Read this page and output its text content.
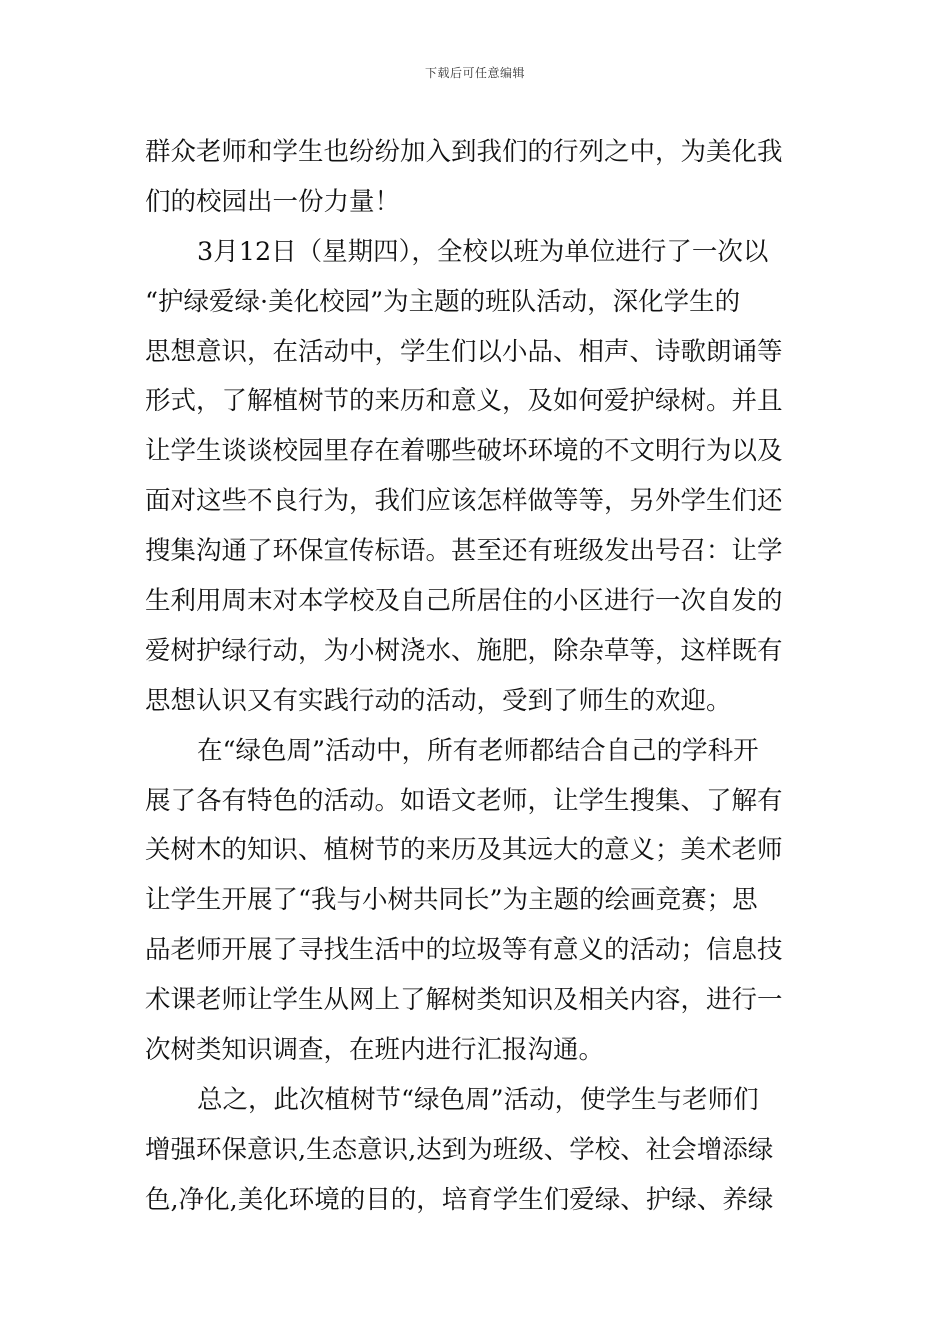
下载后可任意编辑
群众老师和学生也纷纷加入到我们的行列之中，为美化我
们的校园出一份力量！
3月12日（星期四），全校以班为单位进行了一次以
“护绿爱绿·美化校园”为主题的班队活动，深化学生的
思想意识，在活动中，学生们以小品、相声、诗歌朗诵等
形式，了解植树节的来历和意义，及如何爱护绿树。并且
让学生谈谈校园里存在着哪些破坏环境的不文明行为以及
面对这些不良行为，我们应该怎样做等等，另外学生们还
搜集沟通了环保宣传标语。甚至还有班级发出号召：让学
生利用周末对本学校及自己所居住的小区进行一次自发的
爱树护绿行动，为小树浇水、施肥，除杂草等，这样既有
思想认识又有实践行动的活动，受到了师生的欢迎。
在“绿色周”活动中，所有老师都结合自己的学科开
展了各有特色的活动。如语文老师，让学生搜集、了解有
关树木的知识、植树节的来历及其远大的意义；美术老师
让学生开展了“我与小树共同长”为主题的绘画竞赛；思
品老师开展了寻找生活中的垃圾等有意义的活动；信息技
术课老师让学生从网上了解树类知识及相关内容，进行一
次树类知识调查，在班内进行汇报沟通。
总之，此次植树节“绿色周”活动，使学生与老师们
增强环保意识,生态意识,达到为班级、学校、社会增添绿
色,净化,美化环境的目的，培育学生们爱绿、护绿、养绿
